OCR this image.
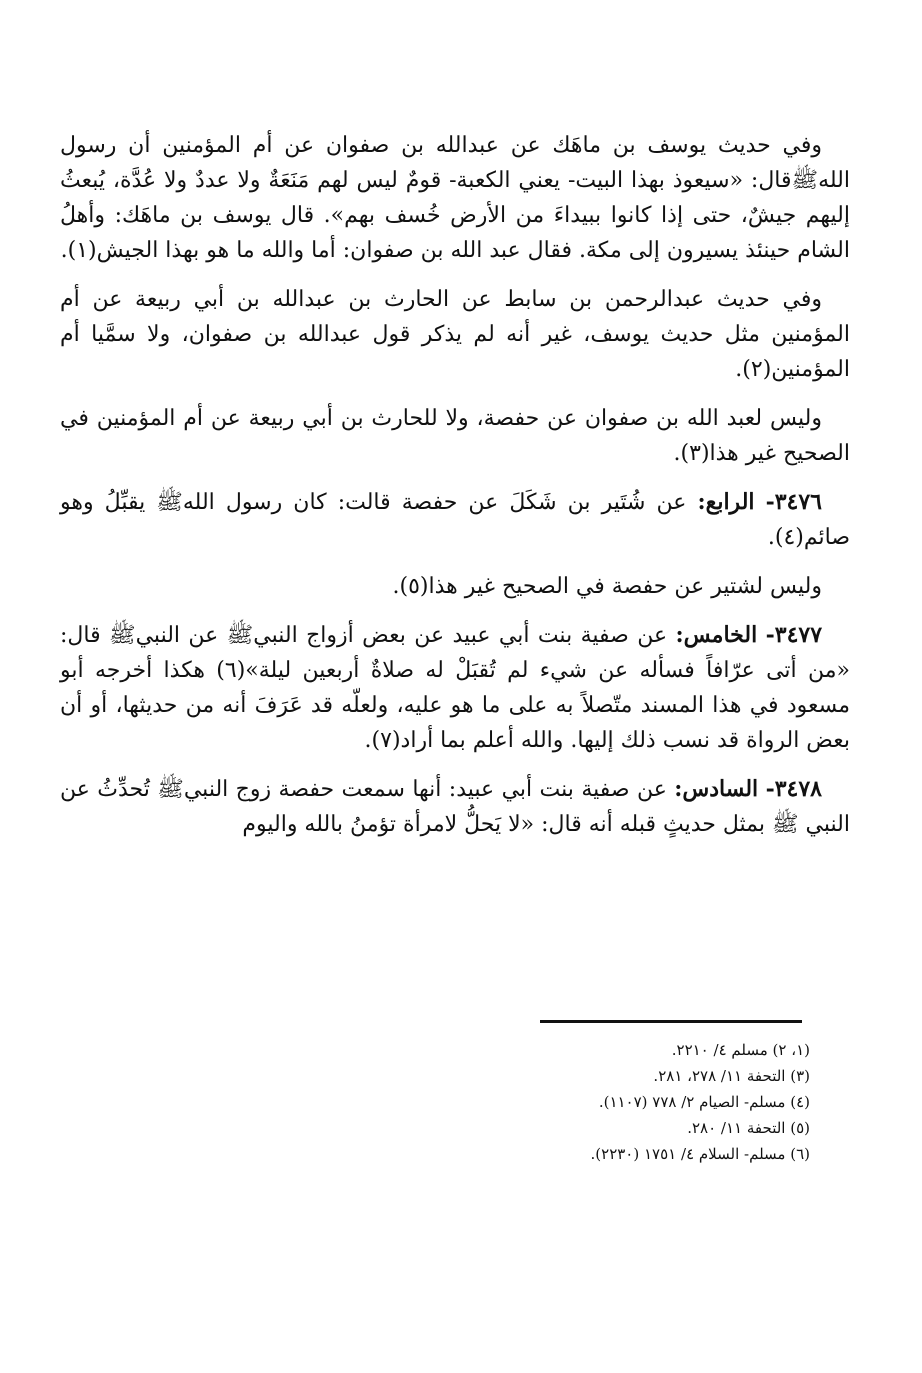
وفي حديث يوسف بن ماهَك عن عبدالله بن صفوان عن أم المؤمنين أن رسول اللهﷺقال: «سيعوذ بهذا البيت- يعني الكعبة- قومٌ ليس لهم مَنَعَةٌ ولا عددٌ ولا عُدَّة، يُبعثُ إليهم جيشٌ، حتى إذا كانوا ببيداءَ من الأرض خُسف بهم». قال يوسف بن ماهَك: وأهلُ الشام حينئذ يسيرون إلى مكة. فقال عبد الله بن صفوان: أما والله ما هو بهذا الجيش(١).

وفي حديث عبدالرحمن بن سابط عن الحارث بن عبدالله بن أبي ربيعة عن أم المؤمنين مثل حديث يوسف، غير أنه لم يذكر قول عبدالله بن صفوان، ولا سمَّيا أم المؤمنين(٢).

وليس لعبد الله بن صفوان عن حفصة، ولا للحارث بن أبي ربيعة عن أم المؤمنين في الصحيح غير هذا(٣).

٣٤٧٦- الرابع: عن شُتَير بن شَكَلَ عن حفصة قالت: كان رسول اللهﷺ يقبِّلُ وهو صائم(٤).

وليس لشتير عن حفصة في الصحيح غير هذا(٥).

٣٤٧٧- الخامس: عن صفية بنت أبي عبيد عن بعض أزواج النبيﷺ عن النبيﷺ قال: «من أتى عرّافاً فسأله عن شيء لم تُقبَلْ له صلاةٌ أربعين ليلة»(٦) هكذا أخرجه أبو مسعود في هذا المسند متّصلاً به على ما هو عليه، ولعلّه قد عَرَفَ أنه من حديثها، أو أن بعض الرواة قد نسب ذلك إليها. والله أعلم بما أراد(٧).

٣٤٧٨- السادس: عن صفية بنت أبي عبيد: أنها سمعت حفصة زوج النبيﷺ تُحدِّثُ عن النبي ﷺ بمثل حديثٍ قبله أنه قال: «لا يَحلُّ لامرأة تؤمنُ بالله واليوم

(١، ٢) مسلم ٤/ ٢٢١٠.

(٣) التحفة ١١/ ٢٧٨، ٢٨١.

(٤) مسلم- الصيام ٢/ ٧٧٨ (١١٠٧).

(٥) التحفة ١١/ ٢٨٠.

(٦) مسلم- السلام ٤/ ١٧٥١ (٢٢٣٠).
